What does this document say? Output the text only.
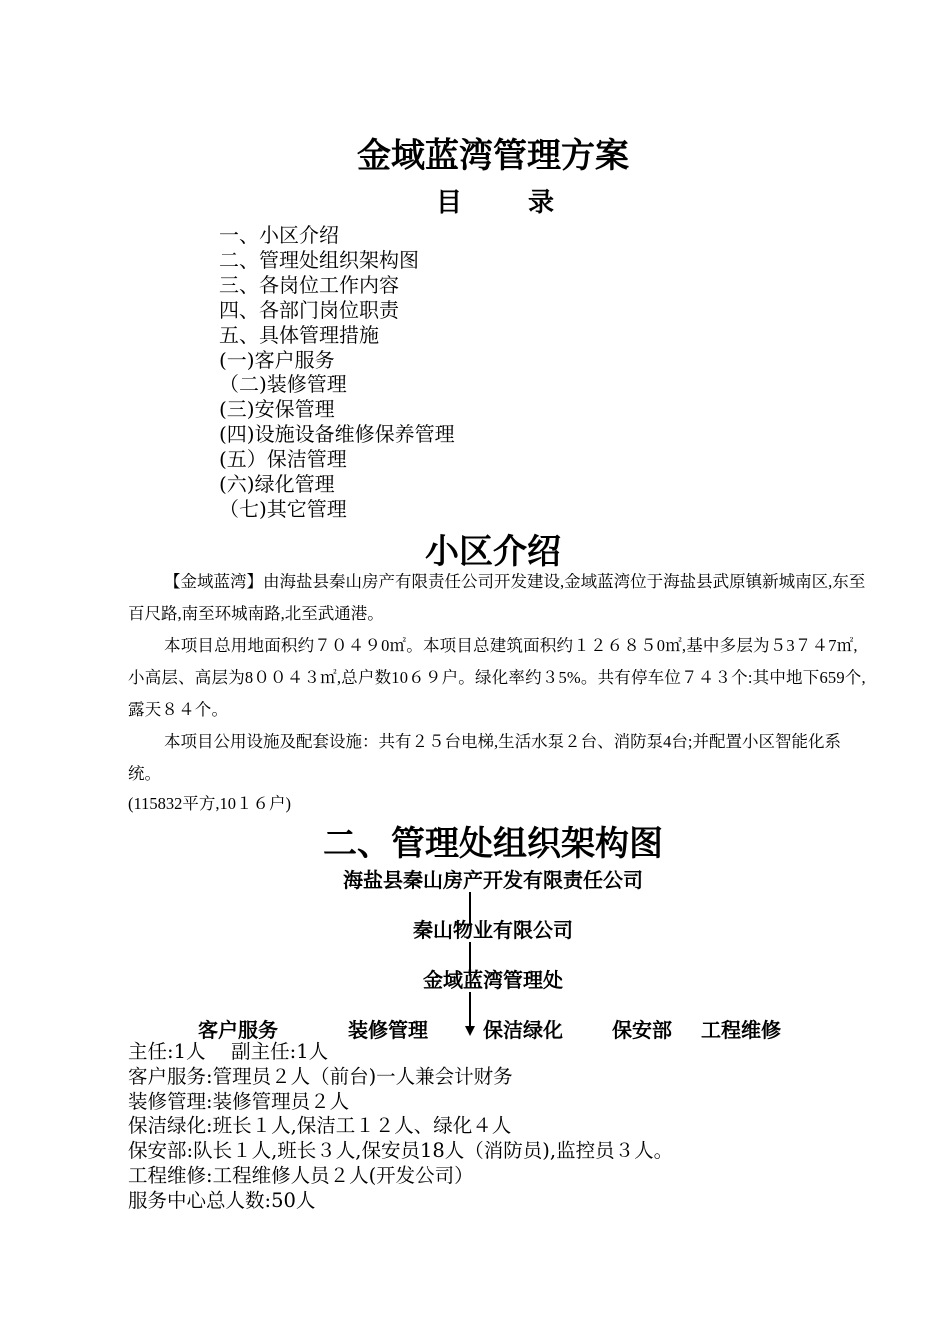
金域蓝湾管理方案
目　录
一、小区介绍
二、管理处组织架构图
三、各岗位工作内容
四、各部门岗位职责
五、具体管理措施
(一)客户服务
（二)装修管理
(三)安保管理
(四)设施设备维修保养管理
(五）保洁管理
(六)绿化管理
（七)其它管理
小区介绍
【金域蓝湾】由海盐县秦山房产有限责任公司开发建设,金域蓝湾位于海盐县武原镇新城南区,东至百尺路,南至环城南路,北至武通港。
本项目总用地面积约７０４９0㎡。本项目总建筑面积约１２６８５0㎡,基中多层为５3７４7㎡,小高层、高层为8００４３㎡,总户数10６９户。绿化率约３5%。共有停车位７４３个:其中地下659个,露天８４个。
本项目公用设施及配套设施：共有２５台电梯,生活水泵２台、消防泵4台;并配置小区智能化系统。
(115832平方,10１６户)
二、管理处组织架构图
海盐县秦山房产开发有限责任公司
秦山物业有限公司
金域蓝湾管理处
客户服务	装修管理	保洁绿化 保安部 工程维修
主任:1人　 副主任:1人
客户服务:管理员２人（前台)一人兼会计财务
装修管理:装修管理员２人
保洁绿化:班长１人,保洁工１２人、绿化４人
保安部:队长１人,班长３人,保安员18人（消防员),监控员３人。
工程维修:工程维修人员２人(开发公司）
服务中心总人数:50人
